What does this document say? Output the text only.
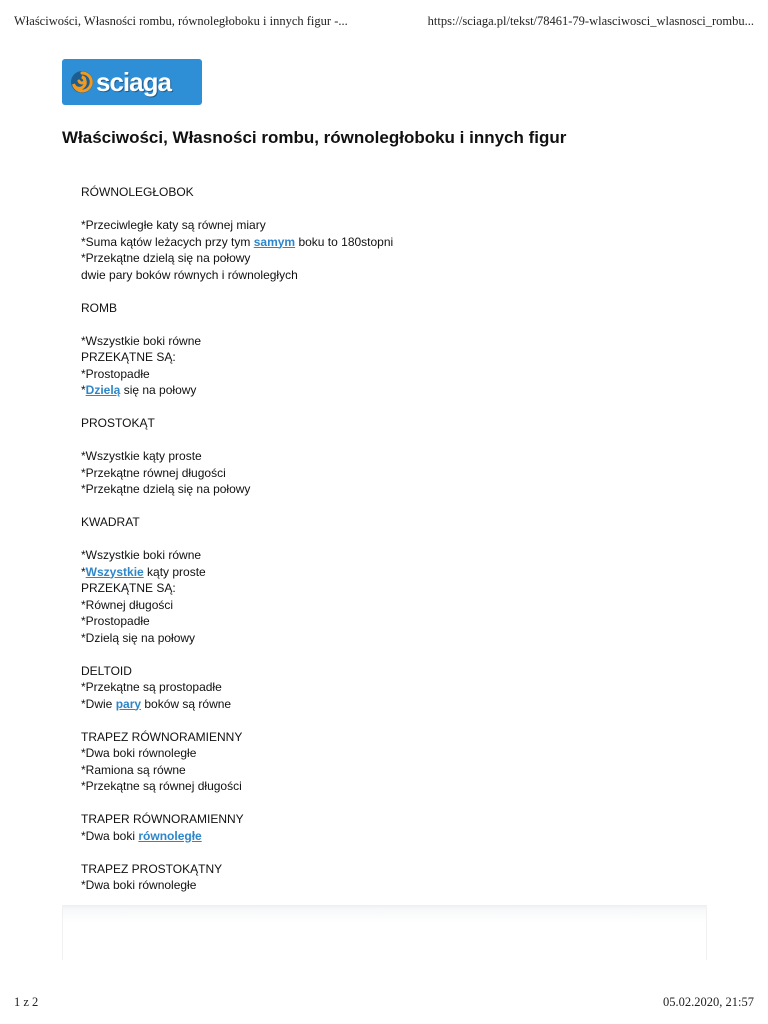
Właściwości, Własności rombu, równoległoboku i innych figur -...	https://sciaga.pl/tekst/78461-79-wlasciwosci_wlasnosci_rombu...
sciaga
Właściwości, Własności rombu, równoległoboku i innych figur
RÓWNOLEGŁOBOK
*Przeciwległe katy są równej miary
*Suma kątów leżacych przy tym samym boku to 180stopni
*Przekątne dzielą się na połowy
dwie pary boków równych i równoległych
ROMB
*Wszystkie boki równe
PRZEKĄTNE SĄ:
*Prostopadłe
*Dzielą się na połowy
PROSTOKĄT
*Wszystkie kąty proste
*Przekątne równej długości
*Przekątne dzielą się na połowy
KWADRAT
*Wszystkie boki równe
*Wszystkie kąty proste
PRZEKĄTNE SĄ:
*Równej długości
*Prostopadłe
*Dzielą się na połowy
DELTOID
*Przekątne są prostopadłe
*Dwie pary boków są równe
TRAPEZ RÓWNORAMIENNY
*Dwa boki równoległe
*Ramiona są równe
*Przekątne są równej długości
TRAPER RÓWNORAMIENNY
*Dwa boki równoległe
TRAPEZ PROSTOKĄTNY
*Dwa boki równoległe
1 z 2	05.02.2020, 21:57
